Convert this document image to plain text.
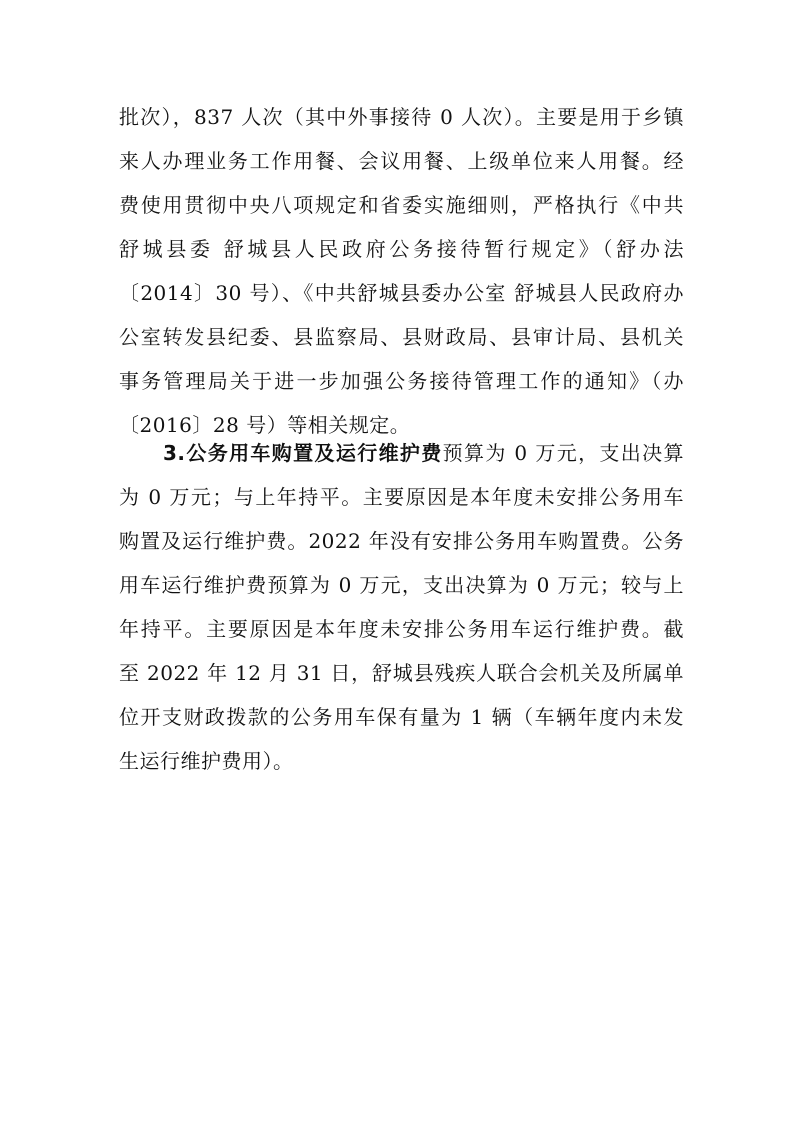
批次），837 人次（其中外事接待 0 人次）。主要是用于乡镇
来人办理业务工作用餐、会议用餐、上级单位来人用餐。经
费使用贯彻中央八项规定和省委实施细则，严格执行《中共
舒城县委 舒城县人民政府公务接待暂行规定》（舒办法
〔2014〕30 号）、《中共舒城县委办公室 舒城县人民政府办
公室转发县纪委、县监察局、县财政局、县审计局、县机关
事务管理局关于进一步加强公务接待管理工作的通知》（办
〔2016〕28 号）等相关规定。
3.公务用车购置及运行维护费预算为 0 万元，支出决算
为 0 万元；与上年持平。主要原因是本年度未安排公务用车
购置及运行维护费。2022 年没有安排公务用车购置费。公务
用车运行维护费预算为 0 万元，支出决算为 0 万元；较与上
年持平。主要原因是本年度未安排公务用车运行维护费。截
至 2022 年 12 月 31 日，舒城县残疾人联合会机关及所属单
位开支财政拨款的公务用车保有量为 1 辆（车辆年度内未发
生运行维护费用）。
